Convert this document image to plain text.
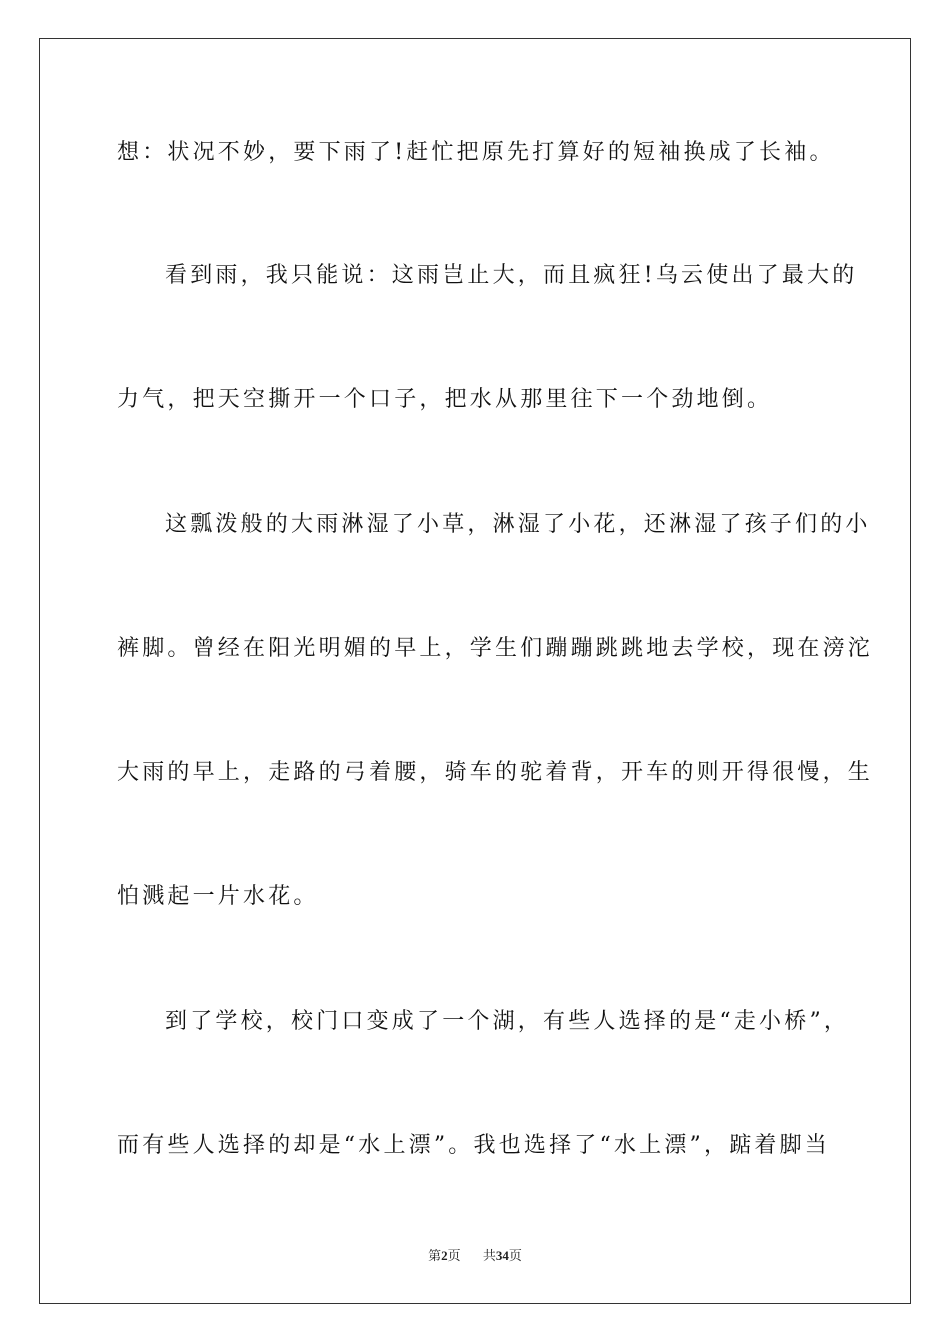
想：状况不妙，要下雨了!赶忙把原先打算好的短袖换成了长袖。
看到雨，我只能说：这雨岂止大，而且疯狂!乌云使出了最大的
力气，把天空撕开一个口子，把水从那里往下一个劲地倒。
这瓢泼般的大雨淋湿了小草，淋湿了小花，还淋湿了孩子们的小
裤脚。曾经在阳光明媚的早上，学生们蹦蹦跳跳地去学校，现在滂沱
大雨的早上，走路的弓着腰，骑车的驼着背，开车的则开得很慢，生
怕溅起一片水花。
到了学校，校门口变成了一个湖，有些人选择的是“走小桥”，
而有些人选择的却是“水上漂”。我也选择了“水上漂”，踮着脚当
第2页 共34页
